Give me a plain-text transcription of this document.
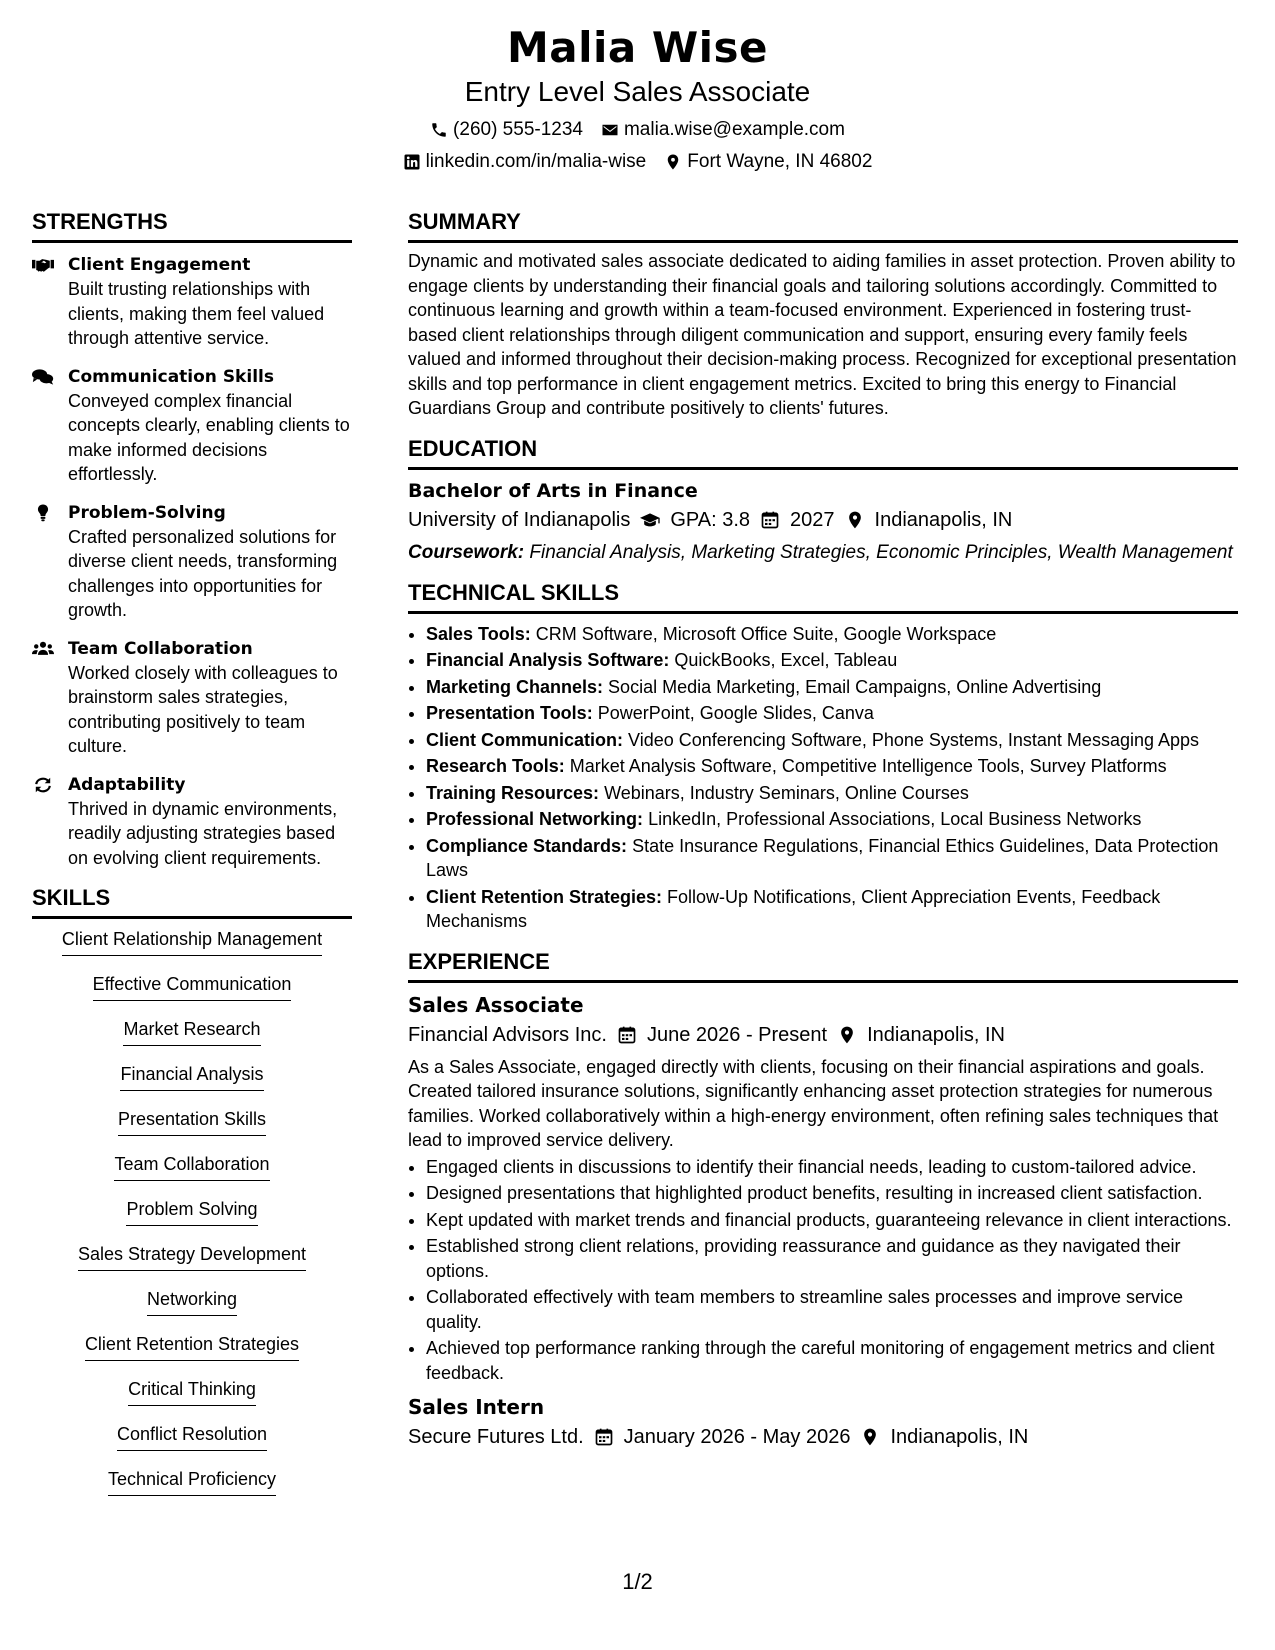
Malia Wise
Entry Level Sales Associate
(260) 555-1234 malia.wise@example.com
linkedin.com/in/malia-wise Fort Wayne, IN 46802
STRENGTHS
Client Engagement
Built trusting relationships with clients, making them feel valued through attentive service.
Communication Skills
Conveyed complex financial concepts clearly, enabling clients to make informed decisions effortlessly.
Problem-Solving
Crafted personalized solutions for diverse client needs, transforming challenges into opportunities for growth.
Team Collaboration
Worked closely with colleagues to brainstorm sales strategies, contributing positively to team culture.
Adaptability
Thrived in dynamic environments, readily adjusting strategies based on evolving client requirements.
SKILLS
Client Relationship Management
Effective Communication
Market Research
Financial Analysis
Presentation Skills
Team Collaboration
Problem Solving
Sales Strategy Development
Networking
Client Retention Strategies
Critical Thinking
Conflict Resolution
Technical Proficiency
SUMMARY
Dynamic and motivated sales associate dedicated to aiding families in asset protection. Proven ability to engage clients by understanding their financial goals and tailoring solutions accordingly. Committed to continuous learning and growth within a team-focused environment. Experienced in fostering trust-based client relationships through diligent communication and support, ensuring every family feels valued and informed throughout their decision-making process. Recognized for exceptional presentation skills and top performance in client engagement metrics. Excited to bring this energy to Financial Guardians Group and contribute positively to clients' futures.
EDUCATION
Bachelor of Arts in Finance
University of Indianapolis GPA: 3.8 2027 Indianapolis, IN
Coursework: Financial Analysis, Marketing Strategies, Economic Principles, Wealth Management
TECHNICAL SKILLS
• Sales Tools: CRM Software, Microsoft Office Suite, Google Workspace
• Financial Analysis Software: QuickBooks, Excel, Tableau
• Marketing Channels: Social Media Marketing, Email Campaigns, Online Advertising
• Presentation Tools: PowerPoint, Google Slides, Canva
• Client Communication: Video Conferencing Software, Phone Systems, Instant Messaging Apps
• Research Tools: Market Analysis Software, Competitive Intelligence Tools, Survey Platforms
• Training Resources: Webinars, Industry Seminars, Online Courses
• Professional Networking: LinkedIn, Professional Associations, Local Business Networks
• Compliance Standards: State Insurance Regulations, Financial Ethics Guidelines, Data Protection Laws
• Client Retention Strategies: Follow-Up Notifications, Client Appreciation Events, Feedback Mechanisms
EXPERIENCE
Sales Associate
Financial Advisors Inc. June 2026 - Present Indianapolis, IN
As a Sales Associate, engaged directly with clients, focusing on their financial aspirations and goals. Created tailored insurance solutions, significantly enhancing asset protection strategies for numerous families. Worked collaboratively within a high-energy environment, often refining sales techniques that lead to improved service delivery.
• Engaged clients in discussions to identify their financial needs, leading to custom-tailored advice.
• Designed presentations that highlighted product benefits, resulting in increased client satisfaction.
• Kept updated with market trends and financial products, guaranteeing relevance in client interactions.
• Established strong client relations, providing reassurance and guidance as they navigated their options.
• Collaborated effectively with team members to streamline sales processes and improve service quality.
• Achieved top performance ranking through the careful monitoring of engagement metrics and client feedback.
Sales Intern
Secure Futures Ltd. January 2026 - May 2026 Indianapolis, IN
1/2
